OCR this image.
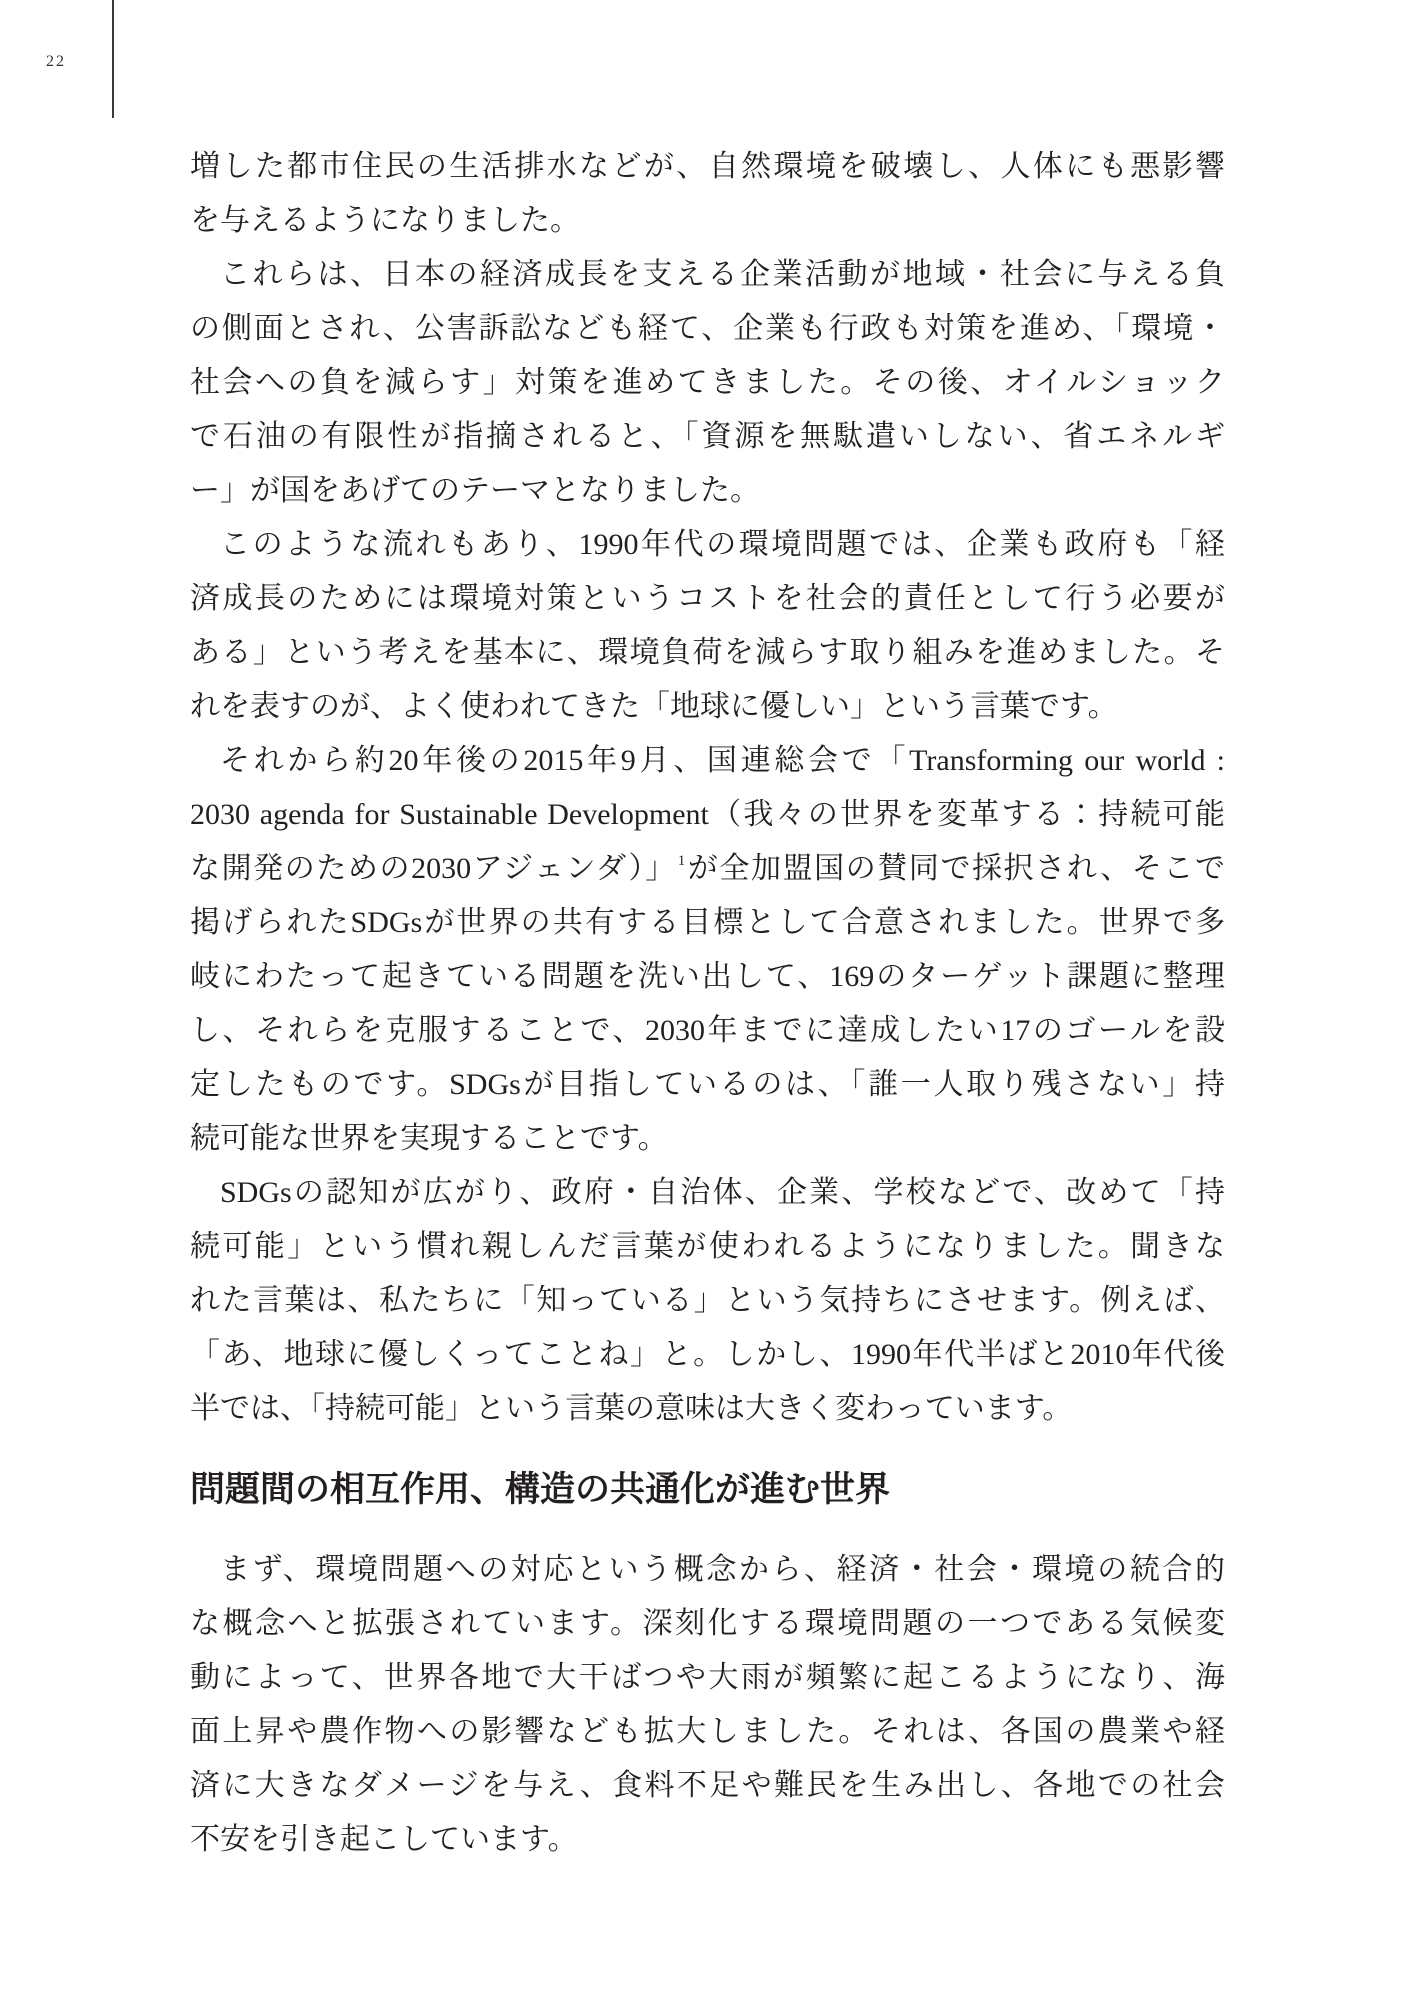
22
増した都市住民の生活排水などが、自然環境を破壊し、人体にも悪影響
を与えるようになりました。
これらは、日本の経済成長を支える企業活動が地域・社会に与える負
の側面とされ、公害訴訟なども経て、企業も行政も対策を進め、「環境・
社会への負を減らす」対策を進めてきました。その後、オイルショック
で石油の有限性が指摘されると、「資源を無駄遣いしない、省エネルギ
ー」が国をあげてのテーマとなりました。
このような流れもあり、1990年代の環境問題では、企業も政府も「経
済成長のためには環境対策というコストを社会的責任として行う必要が
ある」という考えを基本に、環境負荷を減らす取り組みを進めました。そ
れを表すのが、よく使われてきた「地球に優しい」という言葉です。
それから約20年後の2015年9月、国連総会で「Transforming our world :
2030 agenda for Sustainable Development（我々の世界を変革する：持続可能
な開発のための2030アジェンダ）」$^1$が全加盟国の賛同で採択され、そこで
掲げられたSDGsが世界の共有する目標として合意されました。世界で多
岐にわたって起きている問題を洗い出して、169のターゲット課題に整理
し、それらを克服することで、2030年までに達成したい17のゴールを設
定したものです。SDGsが目指しているのは、「誰一人取り残さない」持
続可能な世界を実現することです。
SDGsの認知が広がり、政府・自治体、企業、学校などで、改めて「持
続可能」という慣れ親しんだ言葉が使われるようになりました。聞きな
れた言葉は、私たちに「知っている」という気持ちにさせます。例えば、
「あ、地球に優しくってことね」と。しかし、1990年代半ばと2010年代後
半では、「持続可能」という言葉の意味は大きく変わっています。
問題間の相互作用、構造の共通化が進む世界
まず、環境問題への対応という概念から、経済・社会・環境の統合的
な概念へと拡張されています。深刻化する環境問題の一つである気候変
動によって、世界各地で大干ばつや大雨が頻繁に起こるようになり、海
面上昇や農作物への影響なども拡大しました。それは、各国の農業や経
済に大きなダメージを与え、食料不足や難民を生み出し、各地での社会
不安を引き起こしています。
